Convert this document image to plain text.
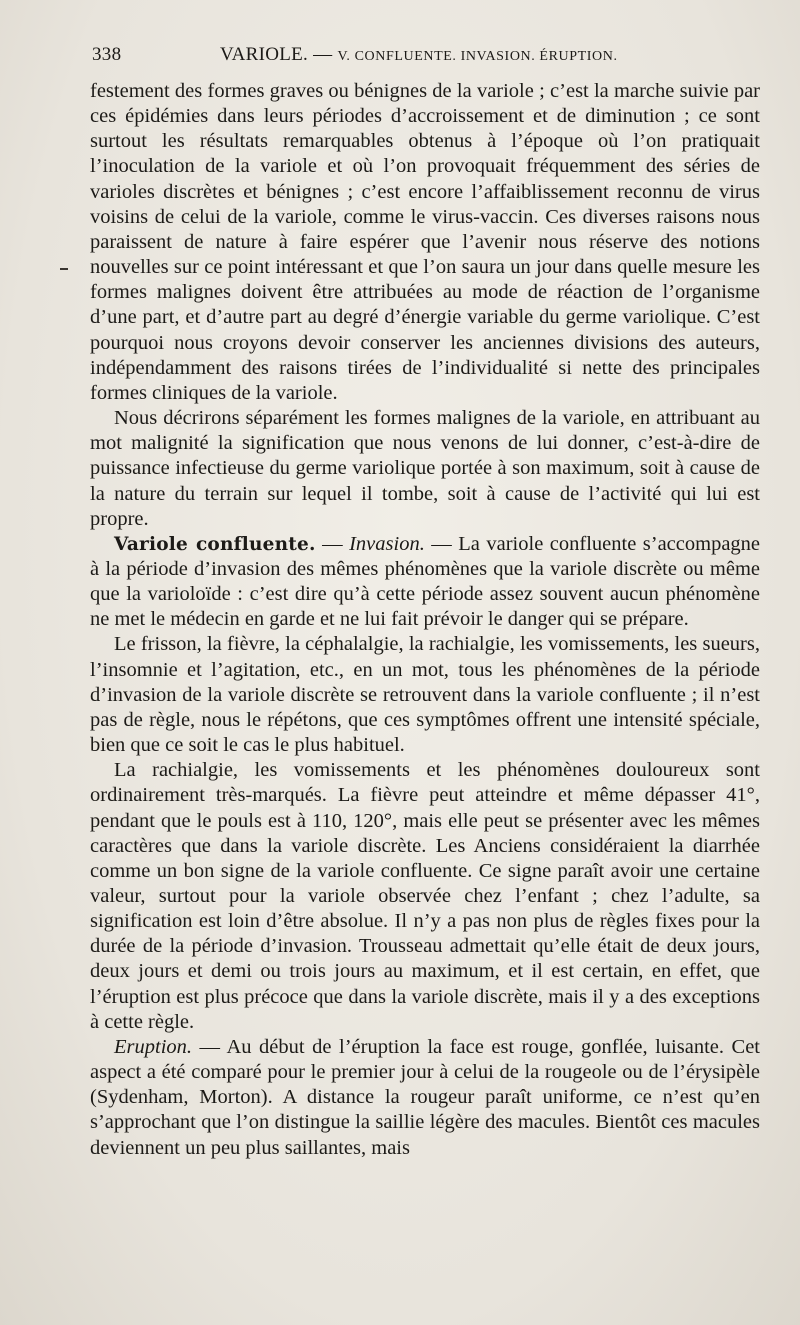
338	VARIOLE. — V. CONFLUENTE. INVASION. ÉRUPTION.

festement des formes graves ou bénignes de la variole ; c’est la marche suivie par ces épidémies dans leurs périodes d’accroissement et de diminution ; ce sont surtout les résultats remarquables obtenus à l’époque où l’on pratiquait l’inoculation de la variole et où l’on provoquait fréquemment des séries de varioles discrètes et bénignes ; c’est encore l’affaiblissement reconnu de virus voisins de celui de la variole, comme le virus-vaccin. Ces diverses raisons nous paraissent de nature à faire espérer que l’avenir nous réserve des notions nouvelles sur ce point intéressant et que l’on saura un jour dans quelle mesure les formes malignes doivent être attribuées au mode de réaction de l’organisme d’une part, et d’autre part au degré d’énergie variable du germe variolique. C’est pourquoi nous croyons devoir conserver les anciennes divisions des auteurs, indépendamment des raisons tirées de l’individualité si nette des principales formes cliniques de la variole.

Nous décrirons séparément les formes malignes de la variole, en attribuant au mot malignité la signification que nous venons de lui donner, c’est-à-dire de puissance infectieuse du germe variolique portée à son maximum, soit à cause de la nature du terrain sur lequel il tombe, soit à cause de l’activité qui lui est propre.

Variole confluente. — Invasion. — La variole confluente s’accompagne à la période d’invasion des mêmes phénomènes que la variole discrète ou même que la varioloïde : c’est dire qu’à cette période assez souvent aucun phénomène ne met le médecin en garde et ne lui fait prévoir le danger qui se prépare.

Le frisson, la fièvre, la céphalalgie, la rachialgie, les vomissements, les sueurs, l’insomnie et l’agitation, etc., en un mot, tous les phénomènes de la période d’invasion de la variole discrète se retrouvent dans la variole confluente ; il n’est pas de règle, nous le répétons, que ces symptômes offrent une intensité spéciale, bien que ce soit le cas le plus habituel.

La rachialgie, les vomissements et les phénomènes douloureux sont ordinairement très-marqués. La fièvre peut atteindre et même dépasser 41°, pendant que le pouls est à 110, 120°, mais elle peut se présenter avec les mêmes caractères que dans la variole discrète. Les Anciens considéraient la diarrhée comme un bon signe de la variole confluente. Ce signe paraît avoir une certaine valeur, surtout pour la variole observée chez l’enfant ; chez l’adulte, sa signification est loin d’être absolue. Il n’y a pas non plus de règles fixes pour la durée de la période d’invasion. Trousseau admettait qu’elle était de deux jours, deux jours et demi ou trois jours au maximum, et il est certain, en effet, que l’éruption est plus précoce que dans la variole discrète, mais il y a des exceptions à cette règle.

Eruption. — Au début de l’éruption la face est rouge, gonflée, luisante. Cet aspect a été comparé pour le premier jour à celui de la rougeole ou de l’érysipèle (Sydenham, Morton). A distance la rougeur paraît uniforme, ce n’est qu’en s’approchant que l’on distingue la saillie légère des macules. Bientôt ces macules deviennent un peu plus saillantes, mais
